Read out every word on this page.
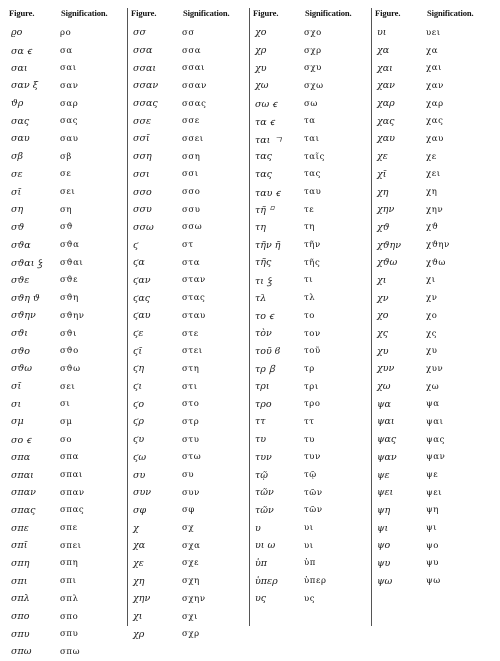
Figure.	Signification.
ϱο	ρο
σα ꞓ	σα
σαι	σαι
σαν ξ	σαν
ϑρ	σαρ
σας	σας
σαυ	σαυ
σβ	σβ
σε	σε
σῑ	σει
ση	ση
σϑ	σϑ
σϑα	σϑα
σϑαι ꝣ	σϑαι
σϑε	σϑε
σϑη ϑ	σϑη
σϑην	σϑην
σϑι	σϑι
σϑο	σϑο
σϑω	σϑω
σῑ	σει
σι	σι
σμ	σμ
σο ꞓ	σο
σπα	σπα
σπαι	σπαι
σπαν	σπαν
σπας	σπας
σπε	σπε
σπῑ	σπει
σπη	σπη
σπι	σπι
σπλ	σπλ
σπο	σπο
σπυ	σπυ
σπω	σπω
Figure.	Signification.
σσ	σσ
σσα	σσα
σσαι	σσαι
σσαν	σσαν
σσας	σσας
σσε	σσε
σσῑ	σσει
σση	σση
σσι	σσι
σσο	σσο
σσυ	σσυ
σσω	σσω
ϛ	στ
ϛα	στα
ϛαν	σταν
ϛας	στας
ϛαυ	σταυ
ϛε	στε
ϛῑ	στει
ϛη	στη
ϛι	στι
ϛο	στο
ϛρ	στρ
ϛυ	στυ
ϛω	στω
συ	συ
συν	συν
σφ	σφ
χ	σχ
χα	σχα
χε	σχε
χη	σχη
χην	σχην
χι	σχι
χρ	σχρ
Figure.	Signification.
χο	σχο
χρ	σχρ
χυ	σχυ
χω	σχω
σω ꞓ	σω
τα ꞓ	τα
ται ㄱ	ται
τας	ταῖς
τας	τας
ταυ ꞓ	ταυ
τῆ ⸋	τε
τη	τη
τῆν ῆ	τῆν
τῆς	τῆς
τι ꝣ	τι
τλ	τλ
το ꞓ	το
τὸν	τον
τοῦ ϐ	τοῦ
τρ ꞵ	τρ
τρι	τρι
τρο	τρο
ττ	ττ
τυ	τυ
τυν	τυν
τῷ	τῷ
τῶν	τῶν
τῶν	τῶν
υ	υι
υι ω	υι
ὑπ	ὑπ
ὑπερ	ὑπερ
υς	υς
Figure.	Signification.
υι	υει
χα	χα
χαι	χαι
χαν	χαν
χαρ	χαρ
χας	χας
χαυ	χαυ
χε	χε
χῑ	χει
χη	χη
χην	χην
χϑ	χϑ
χϑην	χϑην
χϑω	χϑω
χι	χι
χν	χν
χο	χο
χς	χς
χυ	χυ
χυν	χυν
χω	χω
ψα	ψα
ψαι	ψαι
ψας	ψας
ψαν	ψαν
ψε	ψε
ψει	ψει
ψη	ψη
ψι	ψι
ψο	ψο
ψυ	ψυ
ψω	ψω
